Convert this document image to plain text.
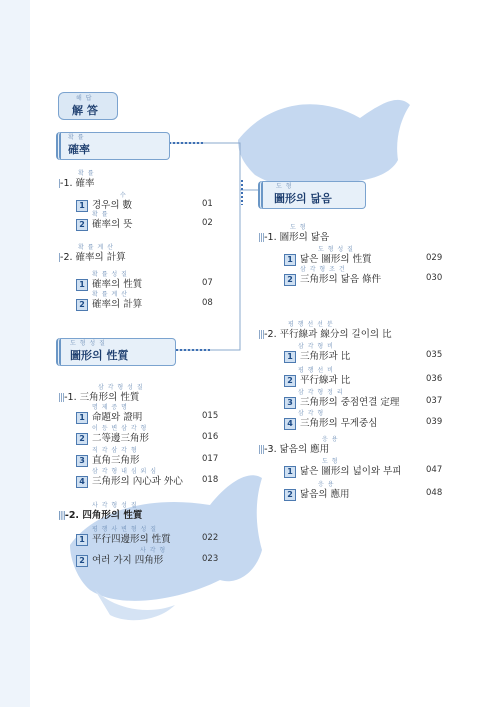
해 답
解 答
확 률
確率
확 률
|-1. 確率
수
1 경우의 數	01
확 률
2 確率의 뜻	02
확 률 계 산
|-2. 確率의 計算
확 률 성 질
1 確率의 性質	07
확 률 계 산
2 確率의 計算	08
도 형 성 질
圖形의 性質
삼 각 형 성 질
|||-1. 三角形의 性質
명 제 증 명
1 命題와 證明	015
이 등 변 삼 각 형
2 二等邊三角形	016
직 각 삼 각 형
3 直角三角形	017
삼 각 형 내 심 외 심
4 三角形의 內心과 外心 018
사 각 형 성 질
|||-2. 四角形의 性質
평 행 사 변 형 성 질
1 平行四邊形의 性質	022
사 각 형
2 여러 가지 四角形	023
도 형
圖形의 닮음
도 형
|||-1. 圖形의 닮음
도 형 성 질
1 닮은 圖形의 性質	029
삼 각 형 조 건
2 三角形의 닮음 條件	030
평 행 선 선 분
|||-2. 平行線과 線分의 길이의 比
삼 각 형 비
1 三角形과 比	035
평 행 선 비
2 平行線과 比	036
삼 각 형 정 리
3 三角形의 중점연결 定理	037
삼 각 형
4 三角形의 무게중심	039
응 용
|||-3. 닮음의 應用
도 형
1 닮은 圖形의 넓이와 부피	047
응 용
2 닮음의 應用	048
